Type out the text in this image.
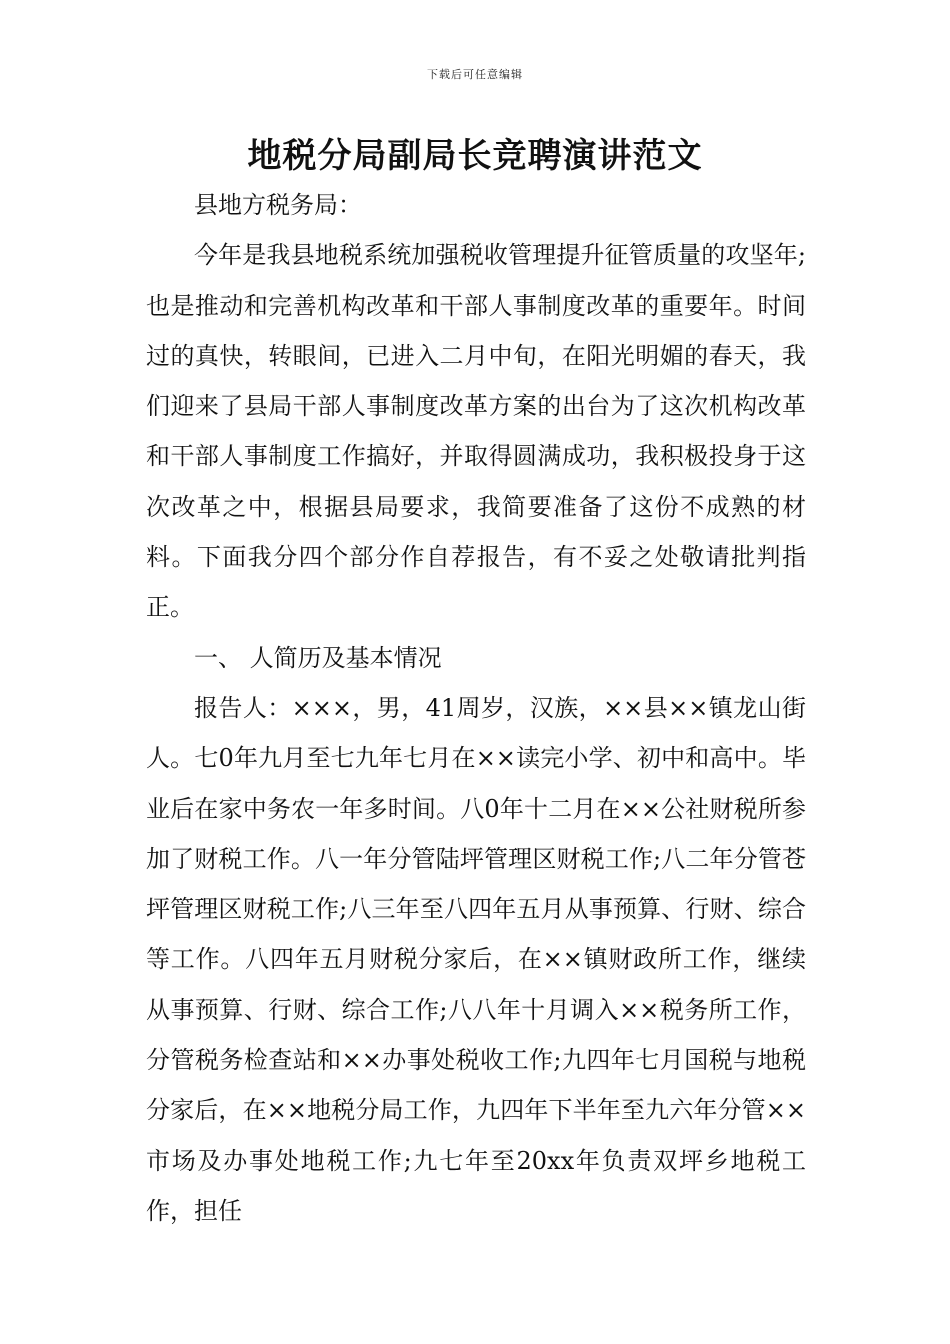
下载后可任意编辑
地税分局副局长竞聘演讲范文

县地方税务局：

今年是我县地税系统加强税收管理提升征管质量的攻坚年;也是推动和完善机构改革和干部人事制度改革的重要年。时间过的真快，转眼间，已进入二月中旬，在阳光明媚的春天，我们迎来了县局干部人事制度改革方案的出台为了这次机构改革和干部人事制度工作搞好，并取得圆满成功，我积极投身于这次改革之中，根据县局要求，我简要准备了这份不成熟的材料。下面我分四个部分作自荐报告，有不妥之处敬请批判指正。

一、 人简历及基本情况

报告人：×××，男，41周岁，汉族，××县××镇龙山街人。七0年九月至七九年七月在××读完小学、初中和高中。毕业后在家中务农一年多时间。八0年十二月在××公社财税所参加了财税工作。八一年分管陆坪管理区财税工作;八二年分管苍坪管理区财税工作;八三年至八四年五月从事预算、行财、综合等工作。八四年五月财税分家后，在××镇财政所工作，继续从事预算、行财、综合工作;八八年十月调入××税务所工作，分管税务检查站和××办事处税收工作;九四年七月国税与地税分家后，在××地税分局工作，九四年下半年至九六年分管××市场及办事处地税工作;九七年至20xx年负责双坪乡地税工作，担任
